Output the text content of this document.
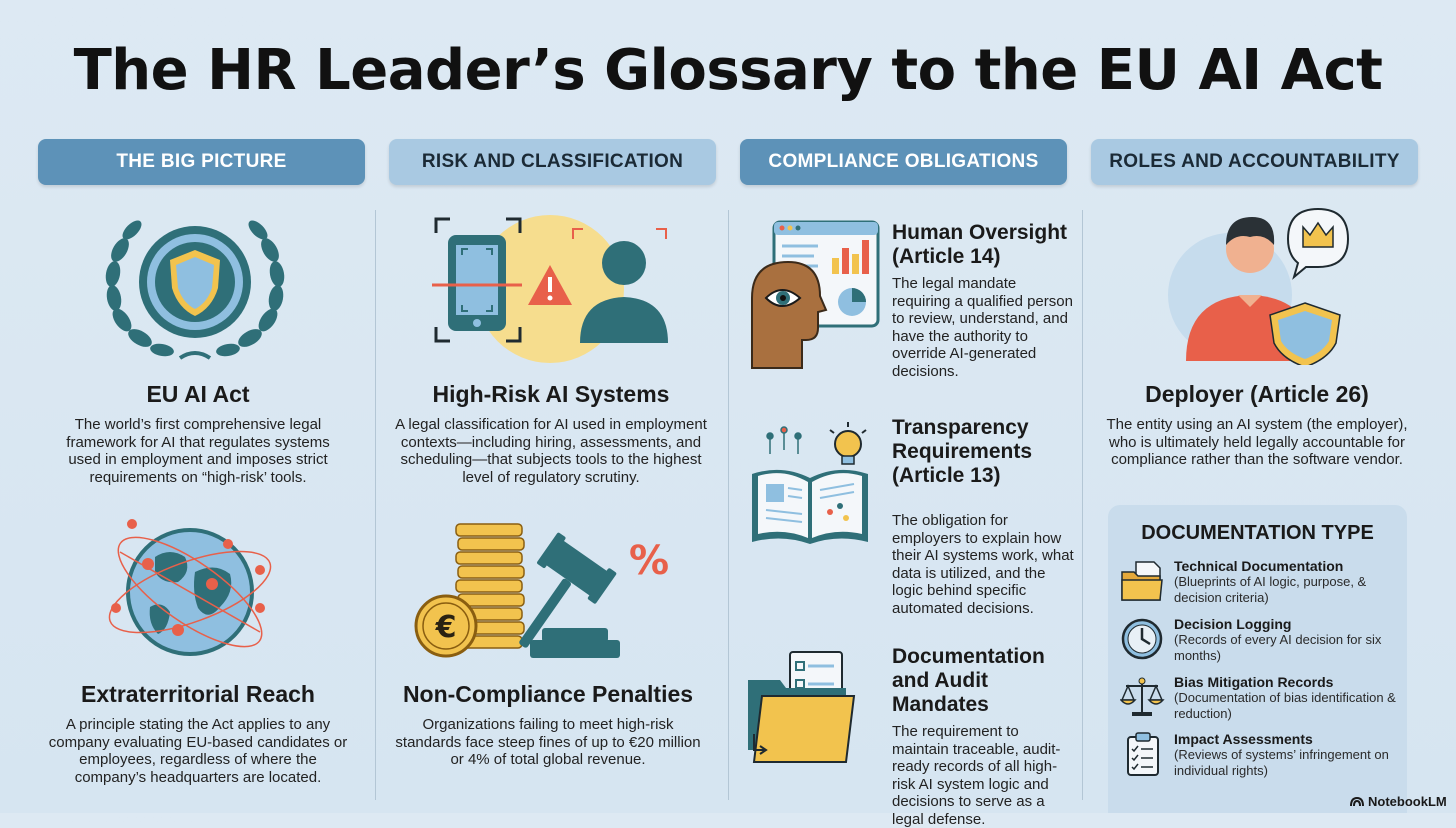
The HR Leader’s Glossary to the EU AI Act
THE BIG PICTURE	RISK AND CLASSIFICATION	COMPLIANCE OBLIGATIONS	ROLES AND ACCOUNTABILITY
EU AI Act

The world’s first comprehensive legal framework for AI that regulates systems used in employment and imposes strict requirements on “high-risk’ tools.

Extraterritorial Reach

A principle stating the Act applies to any company evaluating EU-based candidates or employees, regardless of where the company’s headquarters are located.

High-Risk AI Systems

A legal classification for AI used in employment contexts—including hiring, assessments, and scheduling—that subjects tools to the highest level of regulatory scrutiny.

€
%
Non-Compliance Penalties

Organizations failing to meet high-risk standards face steep fines of up to €20 million or 4% of total global revenue.

Human Oversight (Article 14)

The legal mandate requiring a qualified person to review, understand, and have the authority to override AI-generated decisions.

Transparency Requirements (Article 13)

The obligation for employers to explain how their AI systems work, what data is utilized, and the logic behind specific automated decisions.

Documentation and Audit Mandates

The requirement to maintain traceable, audit-ready records of all high-risk AI system logic and decisions to serve as a legal defense.

Deployer (Article 26)

The entity using an AI system (the employer), who is ultimately held legally accountable for compliance rather than the software vendor.

DOCUMENTATION TYPE
Technical Documentation
(Blueprints of AI logic, purpose, & decision criteria)
Decision Logging
(Records of every AI decision for six months)
Bias Mitigation Records
(Documentation of bias identification & reduction)
Impact Assessments
(Reviews of systems’ infringement on individual rights)
NotebookLM
